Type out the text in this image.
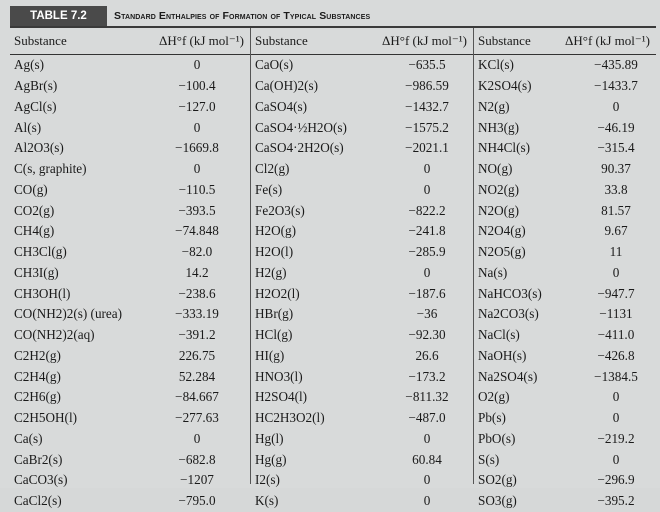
TABLE 7.2	Standard Enthalpies of Formation of Typical Substances
Substance	ΔH°f (kJ mol⁻¹)
Ag(s)	0
AgBr(s)	−100.4
AgCl(s)	−127.0
Al(s)	0
Al2O3(s)	−1669.8
C(s, graphite)	0
CO(g)	−110.5
CO2(g)	−393.5
CH4(g)	−74.848
CH3Cl(g)	−82.0
CH3I(g)	14.2
CH3OH(l)	−238.6
CO(NH2)2(s) (urea)	−333.19
CO(NH2)2(aq)	−391.2
C2H2(g)	226.75
C2H4(g)	52.284
C2H6(g)	−84.667
C2H5OH(l)	−277.63
Ca(s)	0
CaBr2(s)	−682.8
CaCO3(s)	−1207
CaCl2(s)	−795.0
Substance	ΔH°f (kJ mol⁻¹)
CaO(s)	−635.5
Ca(OH)2(s)	−986.59
CaSO4(s)	−1432.7
CaSO4·½H2O(s)	−1575.2
CaSO4·2H2O(s)	−2021.1
Cl2(g)	0
Fe(s)	0
Fe2O3(s)	−822.2
H2O(g)	−241.8
H2O(l)	−285.9
H2(g)	0
H2O2(l)	−187.6
HBr(g)	−36
HCl(g)	−92.30
HI(g)	26.6
HNO3(l)	−173.2
H2SO4(l)	−811.32
HC2H3O2(l)	−487.0
Hg(l)	0
Hg(g)	60.84
I2(s)	0
K(s)	0
Substance	ΔH°f (kJ mol⁻¹)
KCl(s)	−435.89
K2SO4(s)	−1433.7
N2(g)	0
NH3(g)	−46.19
NH4Cl(s)	−315.4
NO(g)	90.37
NO2(g)	33.8
N2O(g)	81.57
N2O4(g)	9.67
N2O5(g)	11
Na(s)	0
NaHCO3(s)	−947.7
Na2CO3(s)	−1131
NaCl(s)	−411.0
NaOH(s)	−426.8
Na2SO4(s)	−1384.5
O2(g)	0
Pb(s)	0
PbO(s)	−219.2
S(s)	0
SO2(g)	−296.9
SO3(g)	−395.2
